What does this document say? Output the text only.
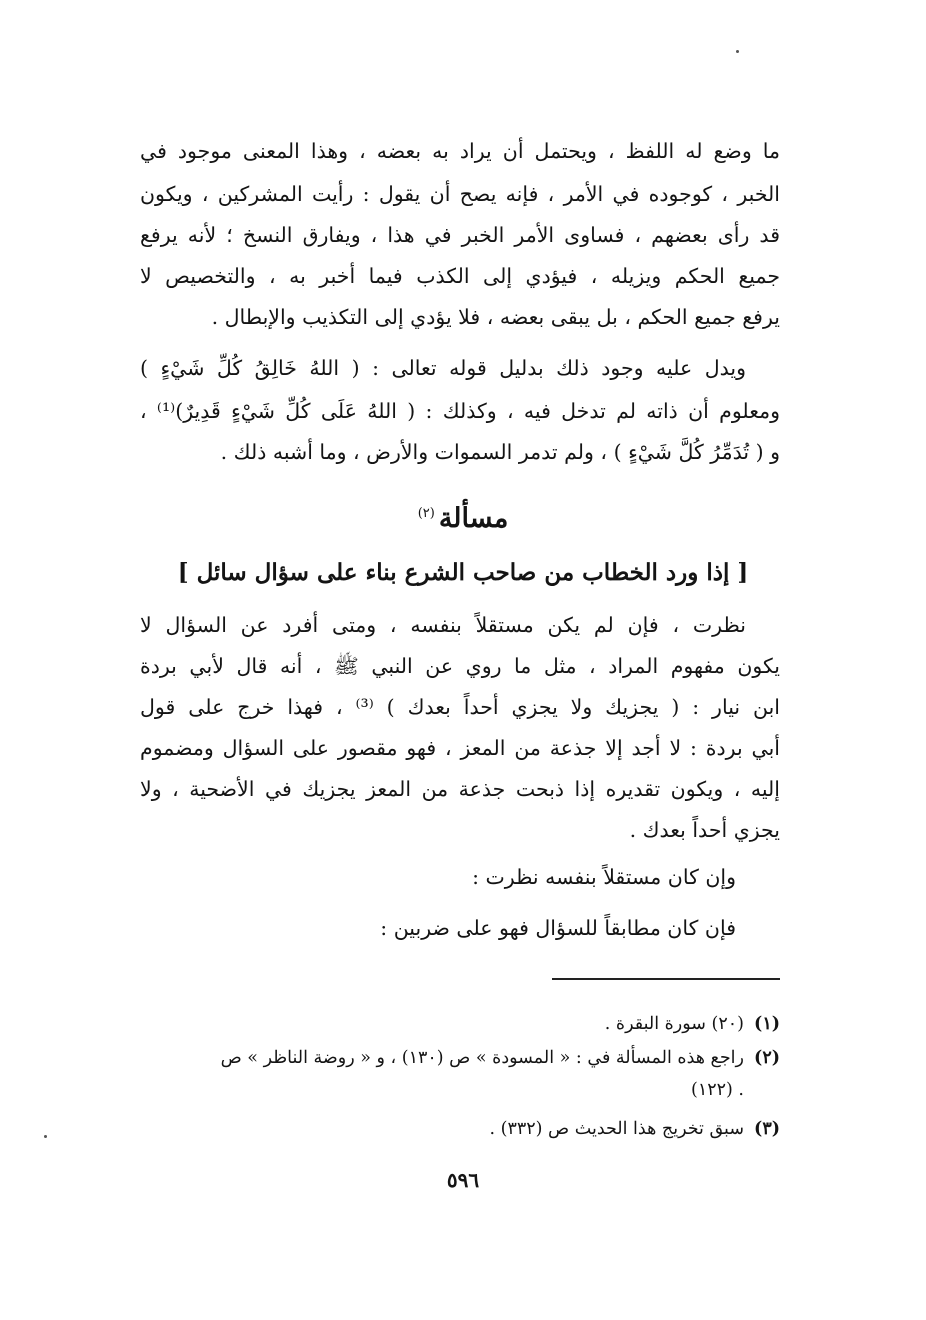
ما وضع له اللفظ ، ويحتمل أن يراد به بعضه ، وهذا المعنى موجود في
الخبر ، كوجوده في الأمر ، فإنه يصح أن يقول : رأيت المشركين ، ويكون
قد رأى بعضهم ، فساوى الأمر الخبر في هذا ، ويفارق النسخ ؛ لأنه يرفع
جميع الحكم ويزيله ، فيؤدي إلى الكذب فيما أخبر به ، والتخصيص لا
يرفع جميع الحكم ، بل يبقى بعضه ، فلا يؤدي إلى التكذيب والإبطال .
ويدل عليه وجود ذلك بدليل قوله تعالى : ( اللهُ خَالِقُ كُلِّ شَيْءٍ )
ومعلوم أن ذاته لم تدخل فيه ، وكذلك : ( اللهُ عَلَى كُلِّ شَيْءٍ قَدِيرٌ)⁽¹⁾ ،
و ( تُدَمِّرُ كُلَّ شَيْءٍ ) ، ولم تدمر السموات والأرض ، وما أشبه ذلك .
مسألة$^{(٢)}$
[ إذا ورد الخطاب من صاحب الشرع بناء على سؤال سائل ]
نظرت ، فإن لم يكن مستقلاً بنفسه ، ومتى أفرد عن السؤال لا
يكون مفهوم المراد ، مثل ما روي عن النبي ﷺ ، أنه قال لأبي بردة
ابن نيار : ( يجزيك ولا يجزي أحداً بعدك ) ⁽³⁾ ، فهذا خرج على قول
أبي بردة : لا أجد إلا جذعة من المعز ، فهو مقصور على السؤال ومضموم
إليه ، ويكون تقديره إذا ذبحت جذعة من المعز يجزيك في الأضحية ، ولا
يجزي أحداً بعدك .
وإن كان مستقلاً بنفسه نظرت :
فإن كان مطابقاً للسؤال فهو على ضربين :
(١)(٢٠) سورة البقرة .
(٢)راجع هذه المسألة في : « المسودة » ص (١٣٠) ، و « روضة الناظر » ص
. (١٢٢)
(٣)سبق تخريج هذا الحديث ص (٣٣٢) .
٥٩٦
